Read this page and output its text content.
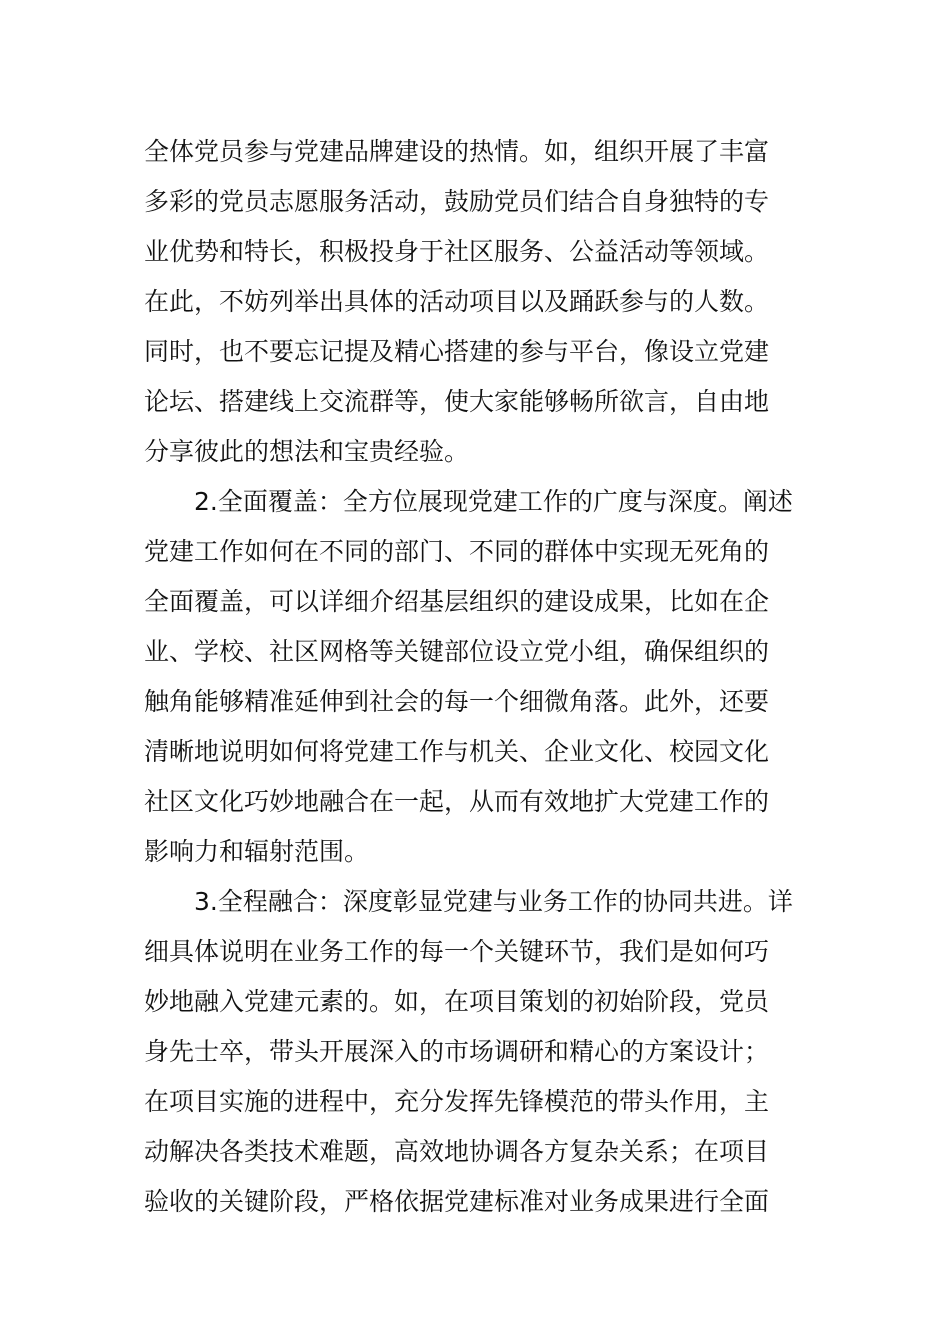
全体党员参与党建品牌建设的热情。如，组织开展了丰富
多彩的党员志愿服务活动，鼓励党员们结合自身独特的专
业优势和特长，积极投身于社区服务、公益活动等领域。
在此，不妨列举出具体的活动项目以及踊跃参与的人数。
同时，也不要忘记提及精心搭建的参与平台，像设立党建
论坛、搭建线上交流群等，使大家能够畅所欲言，自由地
分享彼此的想法和宝贵经验。
2.全面覆盖：全方位展现党建工作的广度与深度。阐述
党建工作如何在不同的部门、不同的群体中实现无死角的
全面覆盖，可以详细介绍基层组织的建设成果，比如在企
业、学校、社区网格等关键部位设立党小组，确保组织的
触角能够精准延伸到社会的每一个细微角落。此外，还要
清晰地说明如何将党建工作与机关、企业文化、校园文化
社区文化巧妙地融合在一起，从而有效地扩大党建工作的
影响力和辐射范围。
3.全程融合：深度彰显党建与业务工作的协同共进。详
细具体说明在业务工作的每一个关键环节，我们是如何巧
妙地融入党建元素的。如，在项目策划的初始阶段，党员
身先士卒，带头开展深入的市场调研和精心的方案设计；
在项目实施的进程中，充分发挥先锋模范的带头作用，主
动解决各类技术难题，高效地协调各方复杂关系；在项目
验收的关键阶段，严格依据党建标准对业务成果进行全面
